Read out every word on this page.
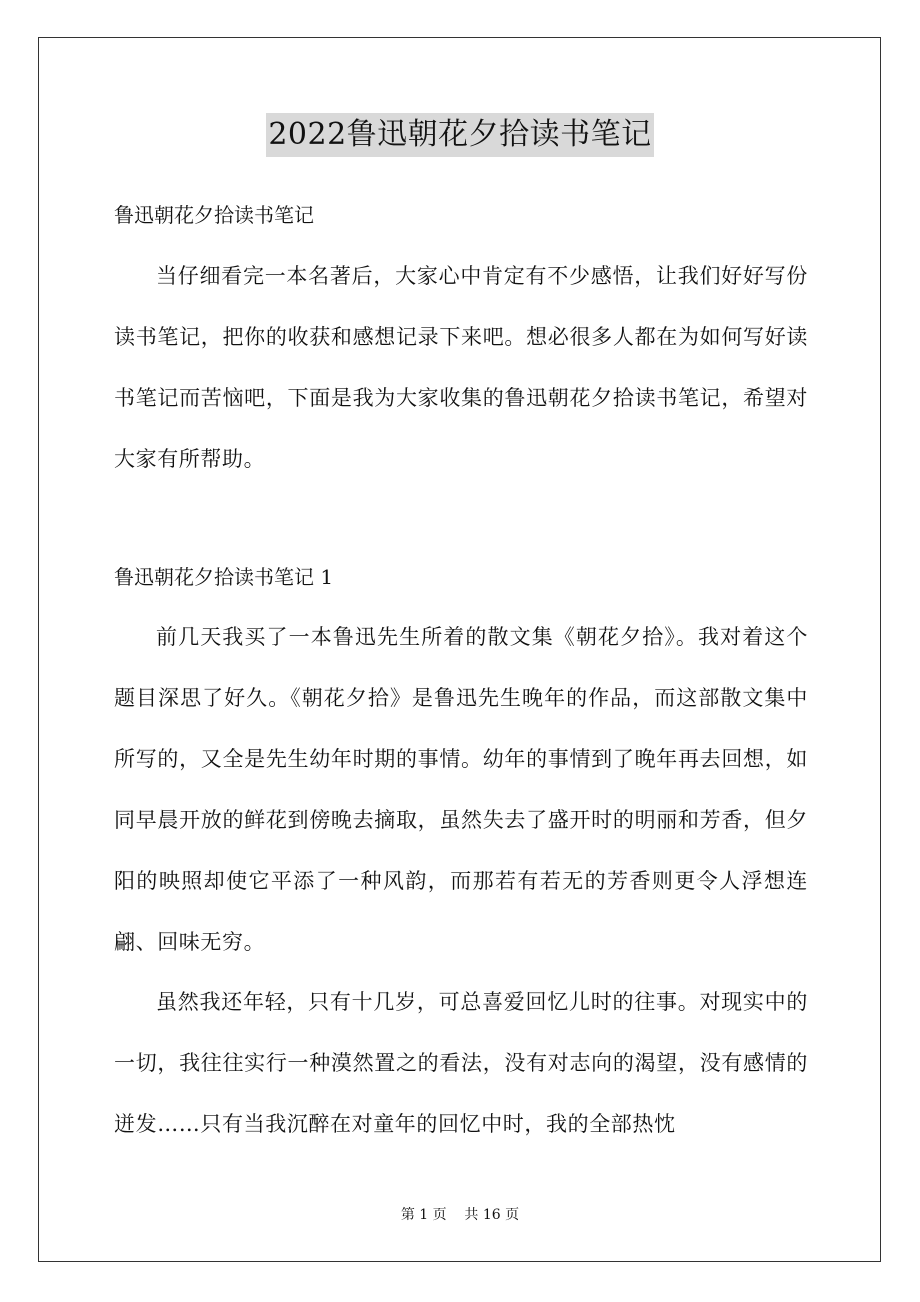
2022鲁迅朝花夕拾读书笔记

鲁迅朝花夕拾读书笔记

当仔细看完一本名著后，大家心中肯定有不少感悟，让我们好好写份读书笔记，把你的收获和感想记录下来吧。想必很多人都在为如何写好读书笔记而苦恼吧，下面是我为大家收集的鲁迅朝花夕拾读书笔记，希望对大家有所帮助。

鲁迅朝花夕拾读书笔记 1

前几天我买了一本鲁迅先生所着的散文集《朝花夕拾》。我对着这个题目深思了好久。《朝花夕拾》是鲁迅先生晚年的作品，而这部散文集中所写的，又全是先生幼年时期的事情。幼年的事情到了晚年再去回想，如同早晨开放的鲜花到傍晚去摘取，虽然失去了盛开时的明丽和芳香，但夕阳的映照却使它平添了一种风韵，而那若有若无的芳香则更令人浮想连翩、回味无穷。

虽然我还年轻，只有十几岁，可总喜爱回忆儿时的往事。对现实中的一切，我往往实行一种漠然置之的看法，没有对志向的渴望，没有感情的迸发……只有当我沉醉在对童年的回忆中时，我的全部热忱

第 1 页    共 16 页
